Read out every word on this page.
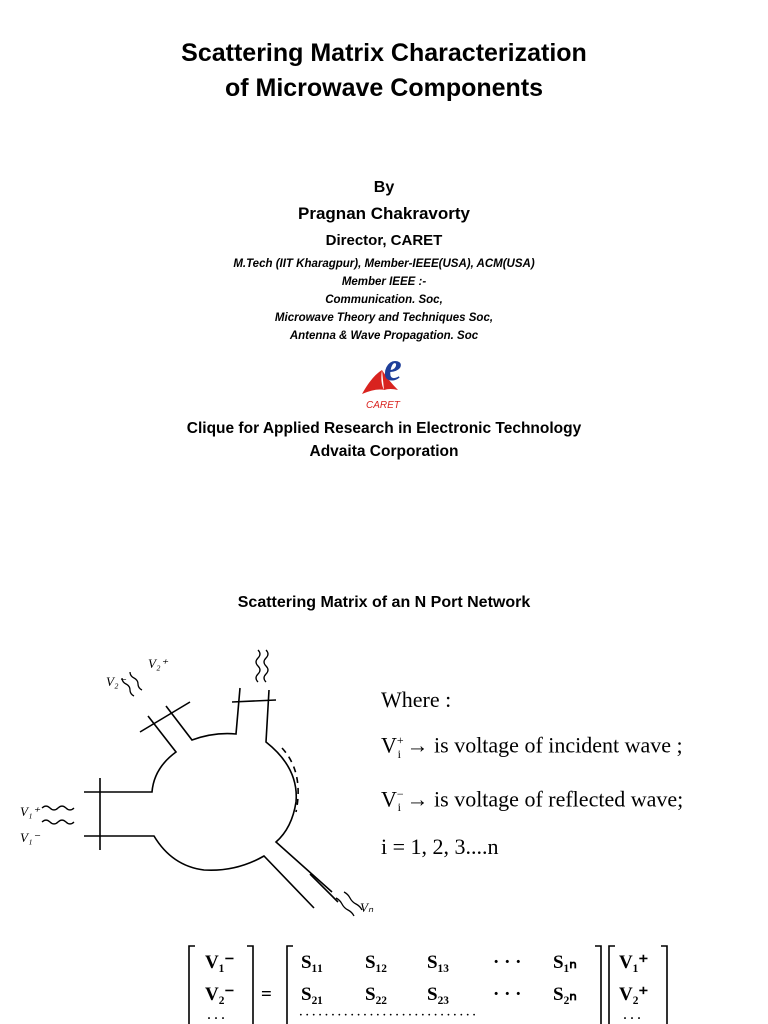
Scattering Matrix Characterization
of Microwave Components
By
Pragnan Chakravorty
Director, CARET
M.Tech (IIT Kharagpur), Member-IEEE(USA), ACM(USA)
Member IEEE :-
Communication. Soc,
Microwave Theory and Techniques Soc,
Antenna & Wave Propagation. Soc
e
CARET
Clique for Applied Research in Electronic Technology
Advaita Corporation
Scattering Matrix of an N Port Network
V₁⁺
V₁⁻
V₂⁻
V₂⁺
Vₙ
Where :
$V^+_i$ → is voltage of incident wave ;
$V^-_i$ → is voltage of reflected wave;
i = 1, 2, 3....n
V₁⁻
V₂⁻
· · ·
=
S₁₁ S₁₂ S₁₃ · · · S₁ₙ
S₂₁ S₂₂ S₂₃ · · · S₂ₙ
· · · · · · · · · · · · · · · · · · · · · · · · · · · ·
V₁⁺
V₂⁺
· · ·
